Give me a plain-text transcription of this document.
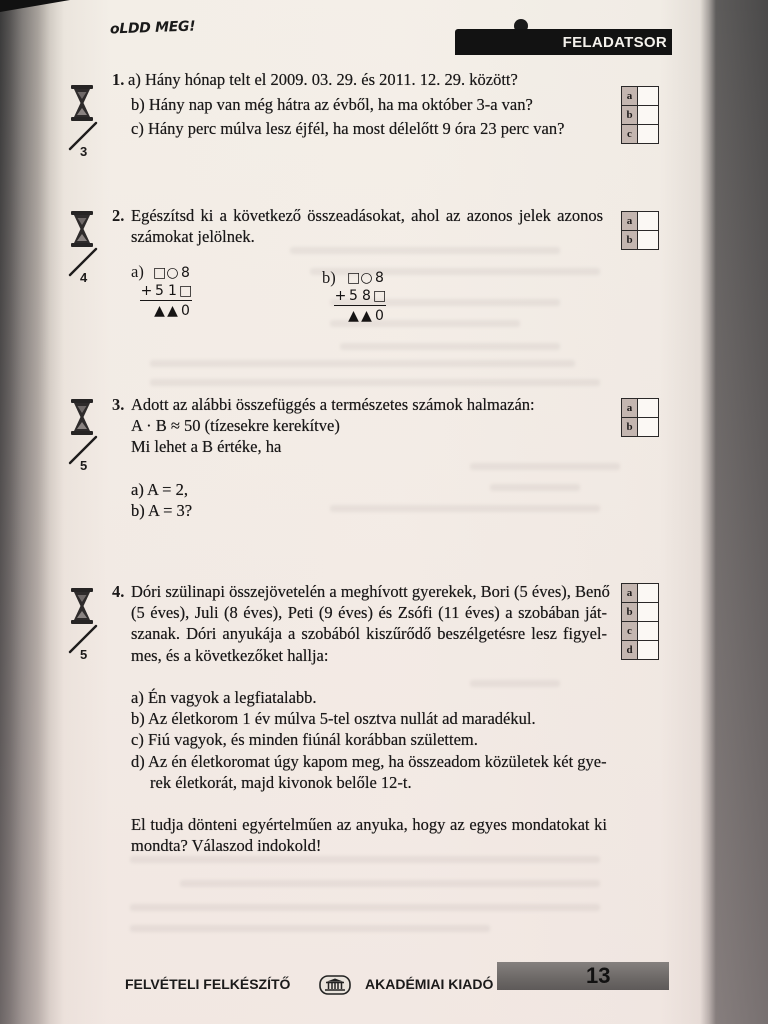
oLDD MEG!
FELADATSOR
3
1. a) Hány hónap telt el 2009. 03. 29. és 2011. 12. 29. között?
b) Hány nap van még hátra az évből, ha ma október 3-a van?
c) Hány perc múlva lesz éjfél, ha most délelőtt 9 óra 23 perc van?
a
b
c
4
2. Egészítsd ki a következő összeadásokat, ahol az azonos jelek azonos
számokat jelölnek.
a) □ ○ 8
+ 5 1 □
▲ ▲ 0
b) □ ○ 8
+ 5 8 □
▲ ▲ 0
a
b
5
3. Adott az alábbi összefüggés a természetes számok halmazán:
A · B ≈ 50 (tízesekre kerekítve)
Mi lehet a B értéke, ha
a) A = 2,
b) A = 3?
a
b
5
4. Dóri szülinapi összejövetelén a meghívott gyerekek, Bori (5 éves), Benő
(5 éves), Juli (8 éves), Peti (9 éves) és Zsófi (11 éves) a szobában ját-
szanak. Dóri anyukája a szobából kiszűrődő beszélgetésre lesz figyel-
mes, és a következőket hallja:
a) Én vagyok a legfiatalabb.
b) Az életkorom 1 év múlva 5-tel osztva nullát ad maradékul.
c) Fiú vagyok, és minden fiúnál korábban születtem.
d) Az én életkoromat úgy kapom meg, ha összeadom közületek két gye-
rek életkorát, majd kivonok belőle 12-t.
El tudja dönteni egyértelműen az anyuka, hogy az egyes mondatokat ki
mondta? Válaszod indokold!
a
b
c
d
FELVÉTELI FELKÉSZÍTŐ	AKADÉMIAI KIADÓ	13
